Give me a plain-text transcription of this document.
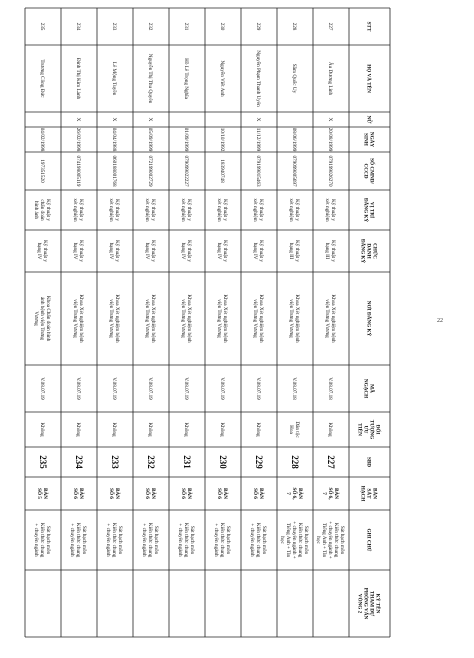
STT
HỌ VÀ TÊN
NỮ
NGÀYSINH
SỐ CMND/CCCD
VỊ TRÍĐĂNG KÝ
CHỨCDANHĐĂNG KÝ
NƠI ĐĂNG KÝ
MÃNGẠCH
ĐỐITƯỢNGƯUTIÊN
SBD
BÀNSÁTHẠCH
GHI CHÚ
KÝ TÊNTHAM DỰPHỎNG VẤNVÒNG 2
227
Âu Dương Linh
X
20/08/1999
079199026270
Kỹ thuật yxét nghiệm
Kỹ thuật yhạng III
Khoa Xét nghiệm bệnhviện Trưng Vương
V.08.07.18
Không
227
BÀNSỐ 6,7
Sát hạch mônKiến thức chung+ chuyên ngành +Tiếng Anh + Tinhọc
228
Sầm Quốc Uy
08/06/1999
079099005697
Kỹ thuật yxét nghiệm
Kỹ thuật yhạng III
Khoa Xét nghiệm bệnhviện Trưng Vương
V.08.07.18
Dân tộcHoa
228
BÀNSỐ 6,7
Sát hạch mônKiến thức chung+ chuyên ngành +Tiếng Anh + Tinhọc
229
Nguyễn Phạm Thanh Uyên
X
11/12/1999
079199015463
Kỹ thuật yxét nghiệm
Kỹ thuật yhạng IV
Khoa Xét nghiệm bệnhviện Trưng Vương
V.08.07.19
Không
229
BÀNSỐ 6
Sát hạch mônKiến thức chung+ chuyên ngành
230
Nguyễn Viết Anh
10/10/1992
183940748
Kỹ thuật yxét nghiệm
Kỹ thuật yhạng IV
Khoa Xét nghiệm bệnhviện Trưng Vương
V.08.07.19
Không
230
BÀNSỐ 6
Sát hạch mônKiến thức chung+ chuyên ngành
231
Hồ Lê Trọng Nghĩa
01/09/1999
079099022227
Kỹ thuật yxét nghiệm
Kỹ thuật yhạng IV
Khoa Xét nghiệm bệnhviện Trưng Vương
V.08.07.19
Không
231
BÀNSỐ 6
Sát hạch mônKiến thức chung+ chuyên ngành
232
Nguyễn Thị Thu Quyên
X
05/09/1999
072199002729
Kỹ thuật yxét nghiệm
Kỹ thuật yhạng IV
Khoa Xét nghiệm bệnhviện Trưng Vương
V.08.07.19
Không
232
BÀNSỐ 6
Sát hạch mônKiến thức chung+ chuyên ngành
233
Lê Mộng Tuyền
X
04/04/1988
060188001768
Kỹ thuật yxét nghiệm
Kỹ thuật yhạng IV
Khoa Xét nghiệm bệnhviện Trưng Vương
V.08.07.19
Không
233
BÀNSỐ 6
Sát hạch mônKiến thức chung+ chuyên ngành
234
Đinh Thị Kim Lành
X
26/02/1998
074198005119
Kỹ thuật yxét nghiệm
Kỹ thuật yhạng IV
Khoa Xét nghiệm bệnhviện Trưng Vương
V.08.07.19
Không
234
BÀNSỐ 6
Sát hạch mônKiến thức chung+ chuyên ngành
235
Trương Công Đức
04/02/1998
197351520
Kỹ thuật ychẩn đoánhình ảnh
Kỹ thuật yhạng IV
Khoa Chẩn đoán hìnhảnh bệnh viện TrưngVương
V.08.07.19
Không
235
BÀNSỐ 5
Sát hạch mônKiến thức chung+ chuyên ngành
22
